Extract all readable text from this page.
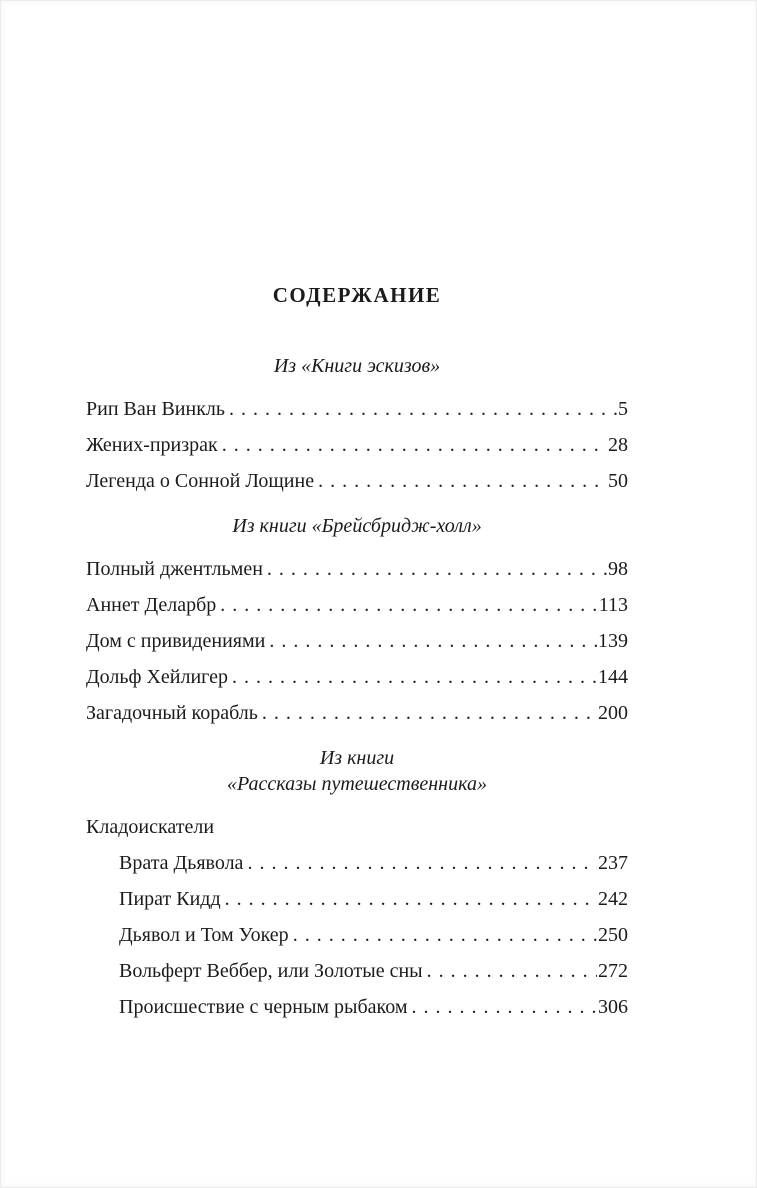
СОДЕРЖАНИЕ
Из «Книги эскизов»
Рип Ван Винкль . . .	5
Жених-призрак . . .	28
Легенда о Сонной Лощине . . .	50
Из книги «Брейсбридж-холл»
Полный джентльмен . . .	98
Аннет Деларбр . . .	113
Дом с привидениями . . .	139
Дольф Хейлигер . . .	144
Загадочный корабль . . .	200
Из книги
«Рассказы путешественника»
Кладоискатели
Врата Дьявола . . .	237
Пират Кидд . . .	242
Дьявол и Том Уокер . . .	250
Вольферт Веббер, или Золотые сны . . .	272
Происшествие с черным рыбаком . . .	306
